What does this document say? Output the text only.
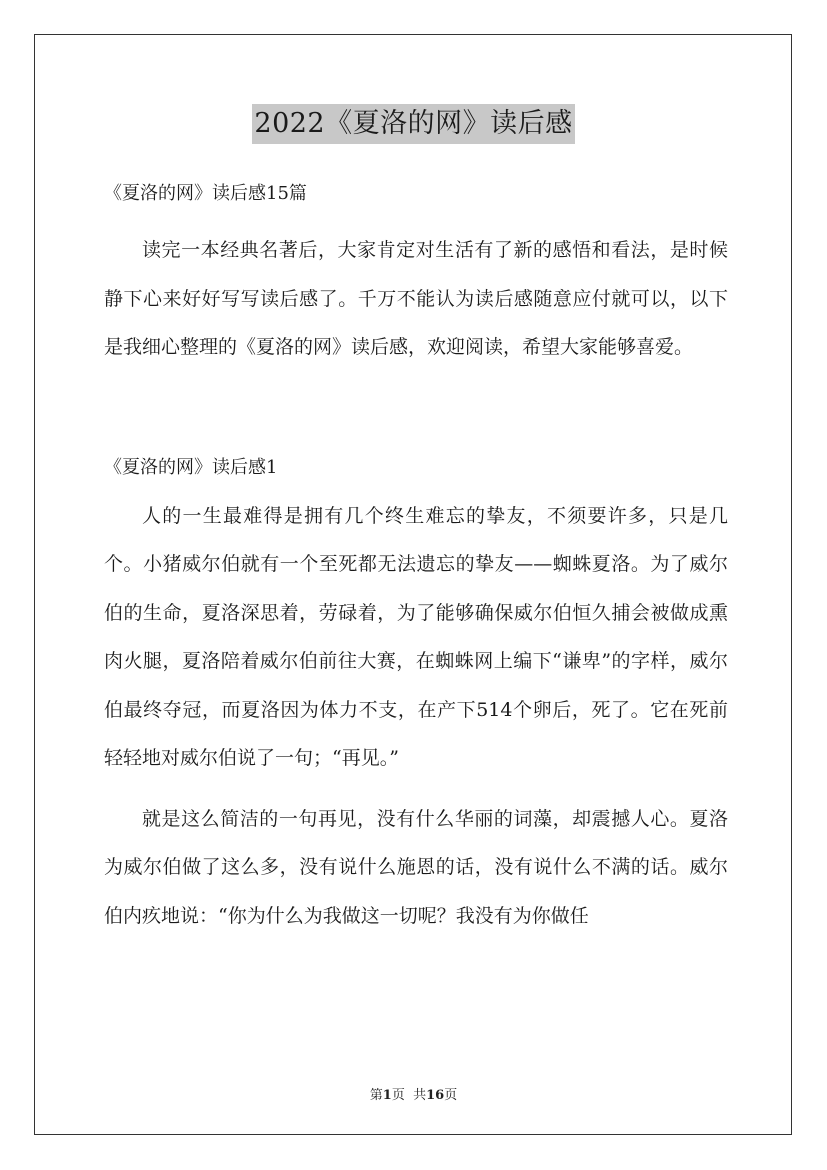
2022《夏洛的网》读后感

《夏洛的网》读后感15篇

读完一本经典名著后，大家肯定对生活有了新的感悟和看法，是时候静下心来好好写写读后感了。千万不能认为读后感随意应付就可以，以下是我细心整理的《夏洛的网》读后感，欢迎阅读，希望大家能够喜爱。

《夏洛的网》读后感1

人的一生最难得是拥有几个终生难忘的挚友，不须要许多，只是几个。小猪威尔伯就有一个至死都无法遗忘的挚友——蜘蛛夏洛。为了威尔伯的生命，夏洛深思着，劳碌着，为了能够确保威尔伯恒久捕会被做成熏肉火腿，夏洛陪着威尔伯前往大赛，在蜘蛛网上编下“谦卑”的字样，威尔伯最终夺冠，而夏洛因为体力不支，在产下514个卵后，死了。它在死前轻轻地对威尔伯说了一句；“再见。”

就是这么简洁的一句再见，没有什么华丽的词藻，却震撼人心。夏洛为威尔伯做了这么多，没有说什么施恩的话，没有说什么不满的话。威尔伯内疚地说：“你为什么为我做这一切呢？我没有为你做任

第1页 共16页
